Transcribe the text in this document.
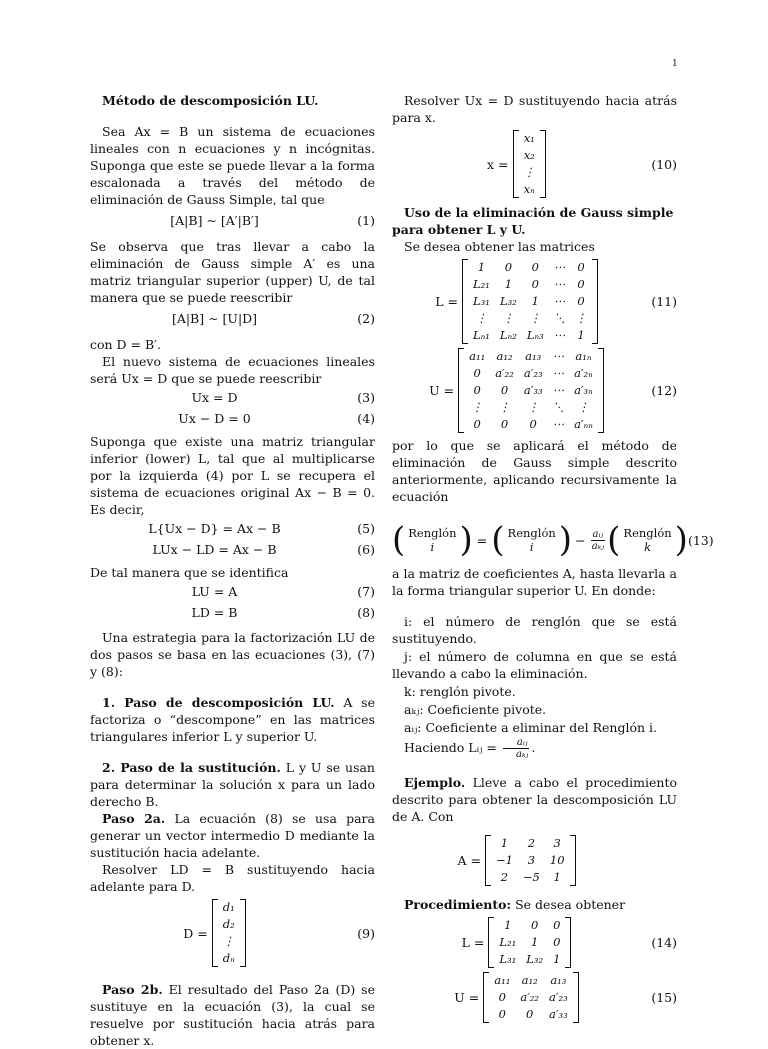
1
Método de descomposición LU.

Sea Ax = B un sistema de ecuaciones lineales con n ecuaciones y n incógnitas. Suponga que este se puede llevar a la forma escalonada a través del método de eliminación de Gauss Simple, tal que

[A|B] ∼ [A′|B′]	(1)

Se observa que tras llevar a cabo la eliminación de Gauss simple A′ es una matriz triangular superior (upper) U, de tal manera que se puede reescribir

[A|B] ∼ [U|D]	(2)

con D = B′.

El nuevo sistema de ecuaciones lineales será Ux = D que se puede reescribir

Ux = D	(3)
Ux − D = 0	(4)

Suponga que existe una matriz triangular inferior (lower) L, tal que al multiplicarse por la izquierda (4) por L se recupera el sistema de ecuaciones original Ax − B = 0. Es decir,

L{Ux − D} = Ax − B	(5)
LUx − LD = Ax − B	(6)

De tal manera que se identifica

LU = A	(7)
LD = B	(8)

Una estrategia para la factorización LU de dos pasos se basa en las ecuaciones (3), (7) y (8):

1. Paso de descomposición LU. A se factoriza o “descompone” en las matrices triangulares inferior L y superior U.

2. Paso de la sustitución. L y U se usan para determinar la solución x para un lado derecho B.

Paso 2a. La ecuación (8) se usa para generar un vector intermedio D mediante la sustitución hacia adelante.

Resolver LD = B sustituyendo hacia adelante para D.

D =
d₁
d₂
⋮
dₙ
(9)

Paso 2b. El resultado del Paso 2a (D) se sustituye en la ecuación (3), la cual se resuelve por sustitución hacia atrás para obtener x.

Resolver Ux = D sustituyendo hacia atrás para x.

x =
x₁
x₂
⋮
xₙ
(10)
Uso de la eliminación de Gauss simple para obtener L y U.

Se desea obtener las matrices

L =
1	0	0	⋯	0
L₂₁	1	0	⋯	0
L₃₁	L₃₂	1	⋯	0
⋮	⋮	⋮	⋱	⋮
Lₙ₁	Lₙ₂	Lₙ₃	⋯	1
(11)
U =
a₁₁	a₁₂	a₁₃	⋯	a₁ₙ
0	a′₂₂	a′₂₃	⋯	a′₂ₙ
0	0	a′₃₃	⋯	a′₃ₙ
⋮	⋮	⋮	⋱	⋮
0	0	0	⋯	a′ₙₙ
(12)

por lo que se aplicará el método de eliminación de Gauss simple descrito anteriormente, aplicando recursivamente la ecuación

( Renglón
i ) = ( Renglón
i ) − $\frac{\text{aᵢⱼ}}{\text{aₖⱼ}}$ ( Renglón
k ) (13)

a la matriz de coeficientes A, hasta llevarla a la forma triangular superior U. En donde:

i: el número de renglón que se está sustituyendo.

j: el número de columna en que se está llevando a cabo la eliminación.

k: renglón pivote.

aₖⱼ: Coeficiente pivote.

aᵢⱼ: Coeficiente a eliminar del Renglón i.

Haciendo Lᵢⱼ = $\frac{\text{aᵢⱼ}}{\text{aₖⱼ}}$ .

Ejemplo. Lleve a cabo el procedimiento descrito para obtener la descomposición LU de A. Con

A =
1	2	3
−1	3	10
2	−5	1

Procedimiento: Se desea obtener

L =
1	0	0
L₂₁	1	0
L₃₁	L₃₂	1
(14)
U =
a₁₁	a₁₂	a₁₃
0	a′₂₂	a′₂₃
0	0	a′₃₃
(15)
